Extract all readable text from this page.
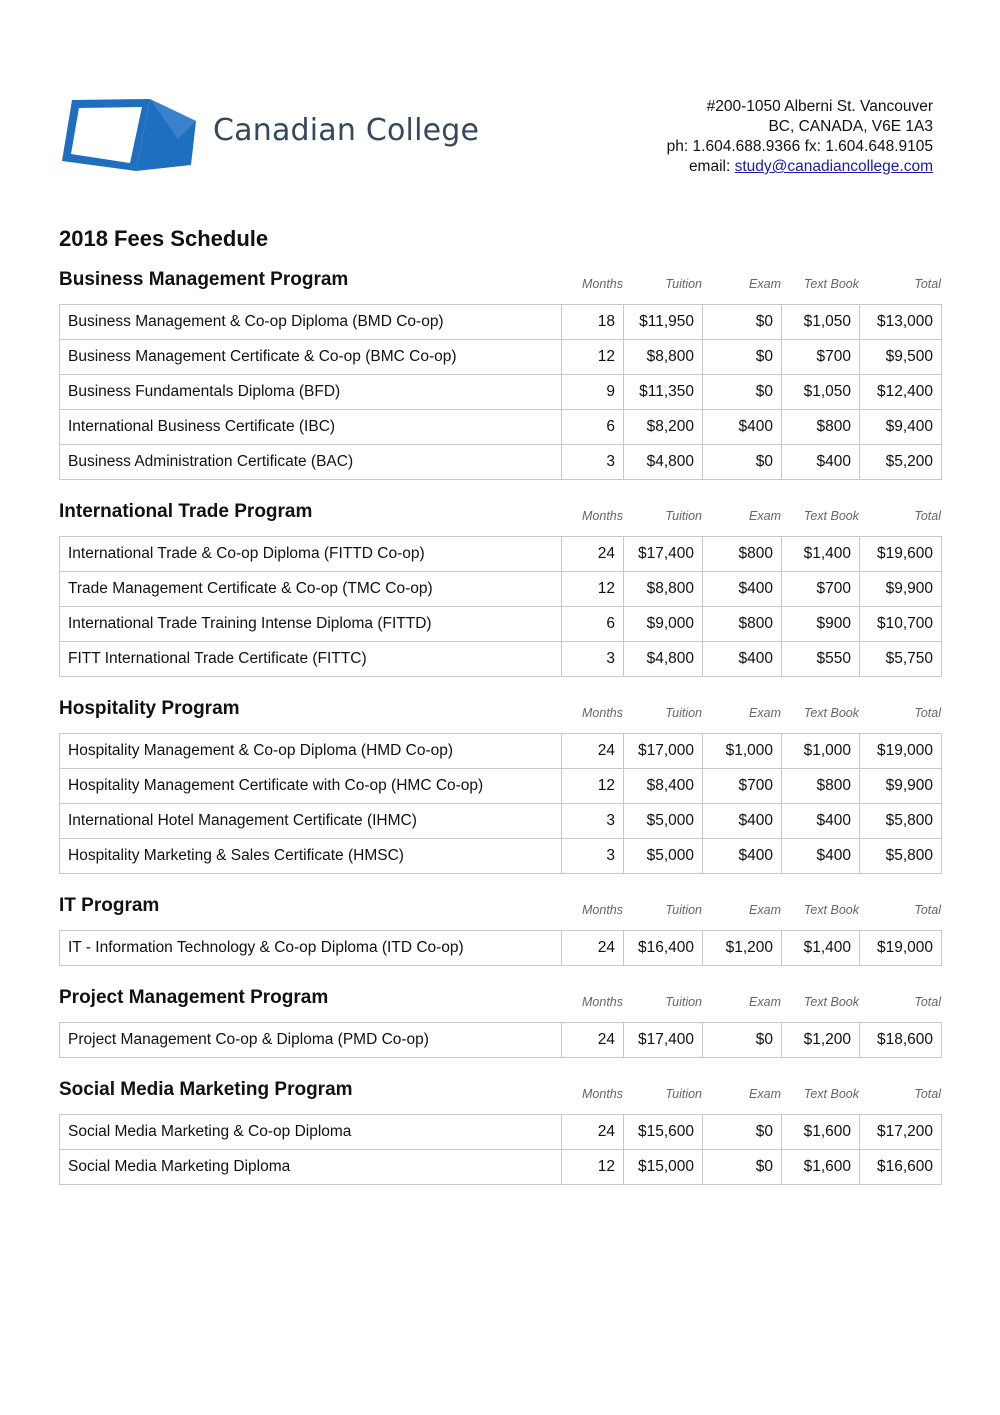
Canadian College
#200-1050 Alberni St. Vancouver
BC, CANADA, V6E 1A3
ph: 1.604.688.9366 fx: 1.604.648.9105
email: study@canadiancollege.com
2018 Fees Schedule
Business Management Program	Months	Tuition	Exam	Text Book	Total
Business Management & Co-op Diploma (BMD Co-op)	18	$11,950	$0	$1,050	$13,000
Business Management Certificate & Co-op (BMC Co-op)	12	$8,800	$0	$700	$9,500
Business Fundamentals Diploma (BFD)	9	$11,350	$0	$1,050	$12,400
International Business Certificate (IBC)	6	$8,200	$400	$800	$9,400
Business Administration Certificate (BAC)	3	$4,800	$0	$400	$5,200
International Trade Program	Months	Tuition	Exam	Text Book	Total
International Trade & Co-op Diploma (FITTD Co-op)	24	$17,400	$800	$1,400	$19,600
Trade Management Certificate & Co-op (TMC Co-op)	12	$8,800	$400	$700	$9,900
International Trade Training Intense Diploma (FITTD)	6	$9,000	$800	$900	$10,700
FITT International Trade Certificate (FITTC)	3	$4,800	$400	$550	$5,750
Hospitality Program	Months	Tuition	Exam	Text Book	Total
Hospitality Management & Co-op Diploma (HMD Co-op)	24	$17,000	$1,000	$1,000	$19,000
Hospitality Management Certificate with Co-op (HMC Co-op)	12	$8,400	$700	$800	$9,900
International Hotel Management Certificate (IHMC)	3	$5,000	$400	$400	$5,800
Hospitality Marketing & Sales Certificate (HMSC)	3	$5,000	$400	$400	$5,800
IT Program	Months	Tuition	Exam	Text Book	Total
IT - Information Technology & Co-op Diploma (ITD Co-op)	24	$16,400	$1,200	$1,400	$19,000
Project Management Program	Months	Tuition	Exam	Text Book	Total
Project Management Co-op & Diploma (PMD Co-op)	24	$17,400	$0	$1,200	$18,600
Social Media Marketing Program	Months	Tuition	Exam	Text Book	Total
Social Media Marketing & Co-op Diploma	24	$15,600	$0	$1,600	$17,200
Social Media Marketing Diploma	12	$15,000	$0	$1,600	$16,600
